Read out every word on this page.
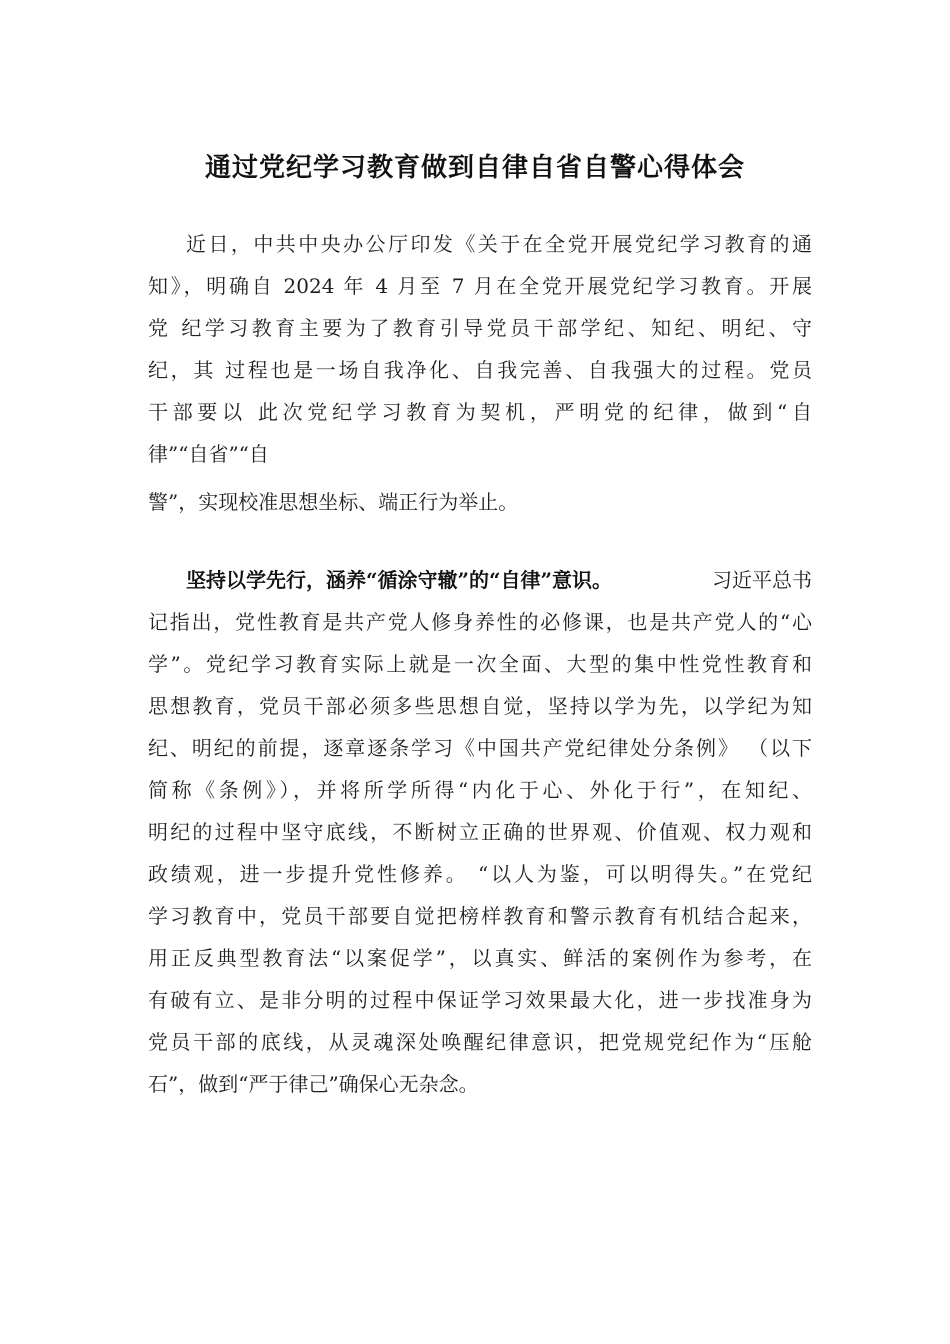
通过党纪学习教育做到自律自省自警心得体会
近日，中共中央办公厅印发《关于在全党开展党纪学习教育的通
知》，明确自 2024 年 4 月至 7 月在全党开展党纪学习教育。开展
党 纪学习教育主要为了教育引导党员干部学纪、知纪、明纪、守
纪，其 过程也是一场自我净化、自我完善、自我强大的过程。党员
干部要以 此次党纪学习教育为契机，严明党的纪律，做到“自
律”“自省”“自
警”，实现校准思想坐标、端正行为举止。
坚持以学先行，涵养“循涂守辙”的“自律”意识。	习近平总书
记指出，党性教育是共产党人修身养性的必修课，也是共产党人的“心
学”。党纪学习教育实际上就是一次全面、大型的集中性党性教育和
思想教育，党员干部必须多些思想自觉，坚持以学为先，以学纪为知
纪、明纪的前提，逐章逐条学习《中国共产党纪律处分条例》 （以下
简称《条例》），并将所学所得“内化于心、外化于行”，在知纪、
明纪的过程中坚守底线，不断树立正确的世界观、价值观、权力观和
政绩观，进一步提升党性修养。 “以人为鉴，可以明得失。”在党纪
学习教育中，党员干部要自觉把榜样教育和警示教育有机结合起来，
用正反典型教育法“以案促学”，以真实、鲜活的案例作为参考，在
有破有立、是非分明的过程中保证学习效果最大化，进一步找准身为
党员干部的底线，从灵魂深处唤醒纪律意识，把党规党纪作为“压舱
石”，做到“严于律己”确保心无杂念。
